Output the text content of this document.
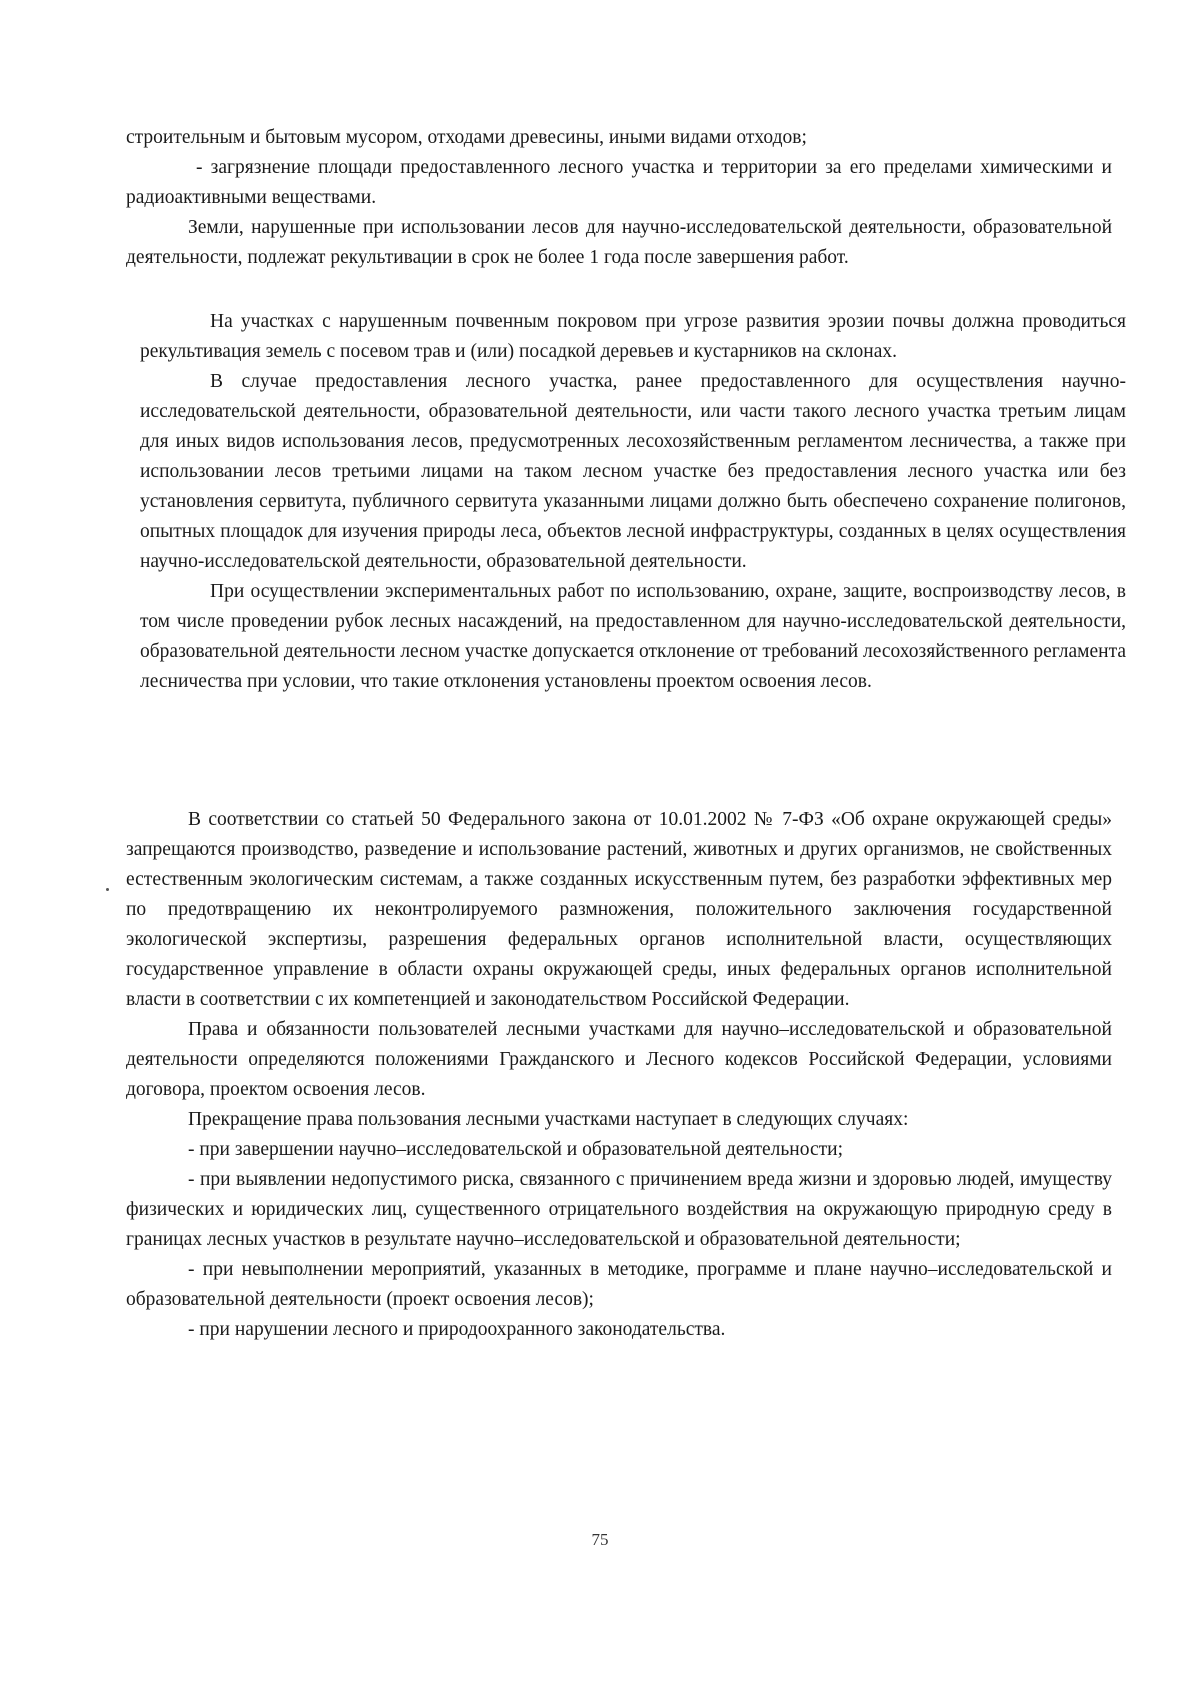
строительным и бытовым мусором, отходами древесины, иными видами отходов;

- загрязнение площади предоставленного лесного участка и территории за его пределами химическими и радиоактивными веществами.

Земли, нарушенные при использовании лесов для научно-исследовательской деятельности, образовательной деятельности, подлежат рекультивации в срок не более 1 года после завершения работ.

На участках с нарушенным почвенным покровом при угрозе развития эрозии почвы должна проводиться рекультивация земель с посевом трав и (или) посадкой деревьев и кустарников на склонах.

В случае предоставления лесного участка, ранее предоставленного для осуществления научно-исследовательской деятельности, образовательной деятельности, или части такого лесного участка третьим лицам для иных видов использования лесов, предусмотренных лесохозяйственным регламентом лесничества, а также при использовании лесов третьими лицами на таком лесном участке без предоставления лесного участка или без установления сервитута, публичного сервитута указанными лицами должно быть обеспечено сохранение полигонов, опытных площадок для изучения природы леса, объектов лесной инфраструктуры, созданных в целях осуществления научно-исследовательской деятельности, образовательной деятельности.

При осуществлении экспериментальных работ по использованию, охране, защите, воспроизводству лесов, в том числе проведении рубок лесных насаждений, на предоставленном для научно-исследовательской деятельности, образовательной деятельности лесном участке допускается отклонение от требований лесохозяйственного регламента лесничества при условии, что такие отклонения установлены проектом освоения лесов.

В соответствии со статьей 50 Федерального закона от 10.01.2002 № 7-ФЗ «Об охране окружающей среды» запрещаются производство, разведение и использование растений, животных и других организмов, не свойственных естественным экологическим системам, а также созданных искусственным путем, без разработки эффективных мер по предотвращению их неконтролируемого размножения, положительного заключения государственной экологической экспертизы, разрешения федеральных органов исполнительной власти, осуществляющих государственное управление в области охраны окружающей среды, иных федеральных органов исполнительной власти в соответствии с их компетенцией и законодательством Российской Федерации.

Права и обязанности пользователей лесными участками для научно–исследовательской и образовательной деятельности определяются положениями Гражданского и Лесного кодексов Российской Федерации, условиями договора, проектом освоения лесов.

Прекращение права пользования лесными участками наступает в следующих случаях:

- при завершении научно–исследовательской и образовательной деятельности;

- при выявлении недопустимого риска, связанного с причинением вреда жизни и здоровью людей, имуществу физических и юридических лиц, существенного отрицательного воздействия на окружающую природную среду в границах лесных участков в результате научно–исследовательской и образовательной деятельности;

- при невыполнении мероприятий, указанных в методике, программе и плане научно–исследовательской и образовательной деятельности (проект освоения лесов);

- при нарушении лесного и природоохранного законодательства.

75
